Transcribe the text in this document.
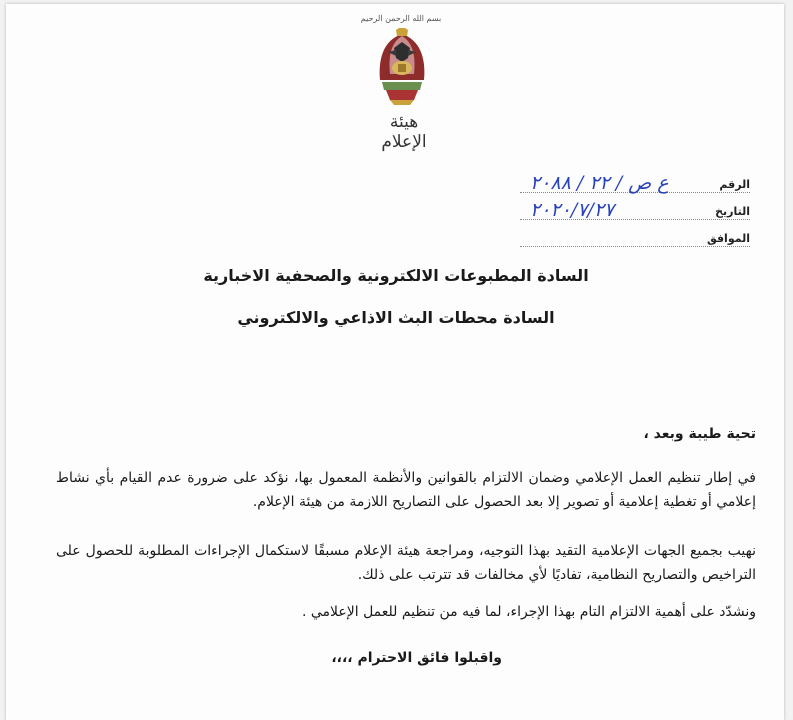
بسم الله الرحمن الرحيم
هيئة الإعلام
الرقم
ع ص / ٢٢ / ٢٠٨٨
التاريخ
٢٠٢٠/٧/٢٧
الموافق
السادة المطبوعات الالكترونية والصحفية الاخبارية
السادة محطات البث الاذاعي والالكتروني
تحية طيبة وبعد ،
في إطار تنظيم العمل الإعلامي وضمان الالتزام بالقوانين والأنظمة المعمول بها، نؤكد على ضرورة عدم القيام بأي نشاط إعلامي أو تغطية إعلامية أو تصوير إلا بعد الحصول على التصاريح اللازمة من هيئة الإعلام.
نهيب بجميع الجهات الإعلامية التقيد بهذا التوجيه، ومراجعة هيئة الإعلام مسبقًا لاستكمال الإجراءات المطلوبة للحصول على التراخيص والتصاريح النظامية، تفاديًا لأي مخالفات قد تترتب على ذلك.
ونشدّد على أهمية الالتزام التام بهذا الإجراء، لما فيه من تنظيم للعمل الإعلامي .
واقبلوا فائق الاحترام ،،،،
